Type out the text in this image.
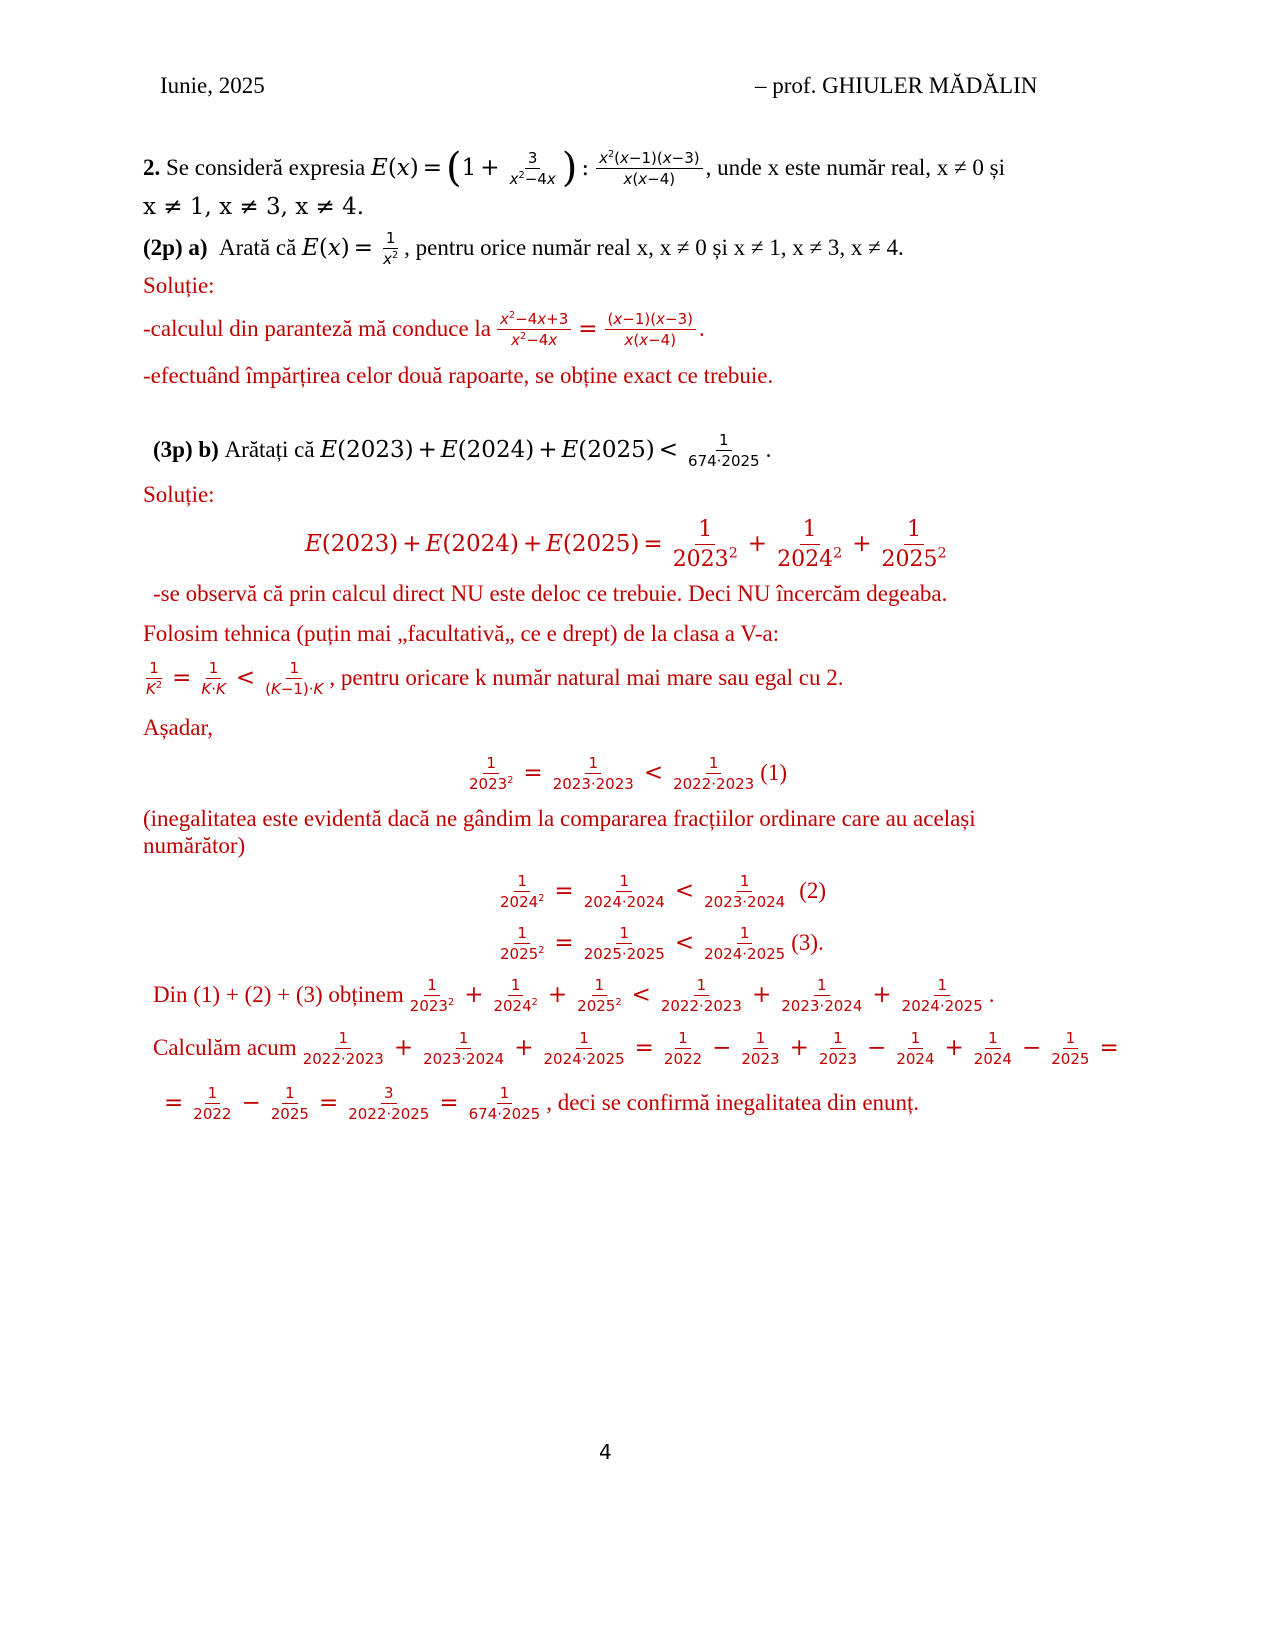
Iunie, 2025	– prof. GHIULER MĂDĂLIN
2.
Se consideră expresia
E ( x ) = ( $1 + \frac{3}{x^2-4x}$ ) : $\frac{x^2(x-1)(x-3)}{x(x-4)}$ , unde x este număr real, x ≠ 0 și
x ≠ 1, x ≠ 3, x ≠ 4.
(2p) a)
Arată că
E ( x ) = $\frac{1}{x^2}$ , pentru orice număr real x, x ≠ 0 și x ≠ 1, x ≠ 3, x ≠ 4.
Soluție:
-calculul din paranteză mă conduce la $\frac{x^2-4x+3}{x^2-4x} = \frac{(x-1)(x-3)}{x(x-4)}$ .
-efectuând împărțirea celor două rapoarte, se obține exact ce trebuie.
(3p) b)
Arătați că
$E(2023) + E(2024) + E(2025) < \frac{1}{674\cdot 2025}$ .
Soluție:
$E(2023) + E(2024) + E(2025) = \frac{1}{2023^2} + \frac{1}{2024^2} + \frac{1}{2025^2}$
-se observă că prin calcul direct NU este deloc ce trebuie. Deci NU încercăm degeaba.
Folosim tehnica (puțin mai „facultativă„ ce e drept) de la clasa a V-a:
$\frac{1}{K^2} = \frac{1}{K\cdot K} < \frac{1}{(K-1)\cdot K}$ , pentru oricare k număr natural mai mare sau egal cu 2.
Așadar,
$\frac{1}{2023^2} = \frac{1}{2023\cdot 2023} < \frac{1}{2022\cdot 2023} (1)$
(inegalitatea este evidentă dacă ne gândim la compararea fracțiilor ordinare care au același
numărător)
$\frac{1}{2024^2} = \frac{1}{2024\cdot 2024} < \frac{1}{2023\cdot 2024} (2)$
$\frac{1}{2025^2} = \frac{1}{2025\cdot 2025} < \frac{1}{2024\cdot 2025} (3)$.
Din (1) + (2) + (3) obținem $\frac{1}{2023^2} + \frac{1}{2024^2} + \frac{1}{2025^2} < \frac{1}{2022\cdot 2023} + \frac{1}{2023\cdot 2024} + \frac{1}{2024\cdot 2025}$ .
Calculăm acum $\frac{1}{2022\cdot 2023} + \frac{1}{2023\cdot 2024} + \frac{1}{2024\cdot 2025} = \frac{1}{2022} - \frac{1}{2023} + \frac{1}{2023} - \frac{1}{2024} + \frac{1}{2024} - \frac{1}{2025}$ =
= $\frac{1}{2022} - \frac{1}{2025} = \frac{3}{2022\cdot 2025} = \frac{1}{674\cdot 2025}$ , deci se confirmă inegalitatea din enunț.
4
